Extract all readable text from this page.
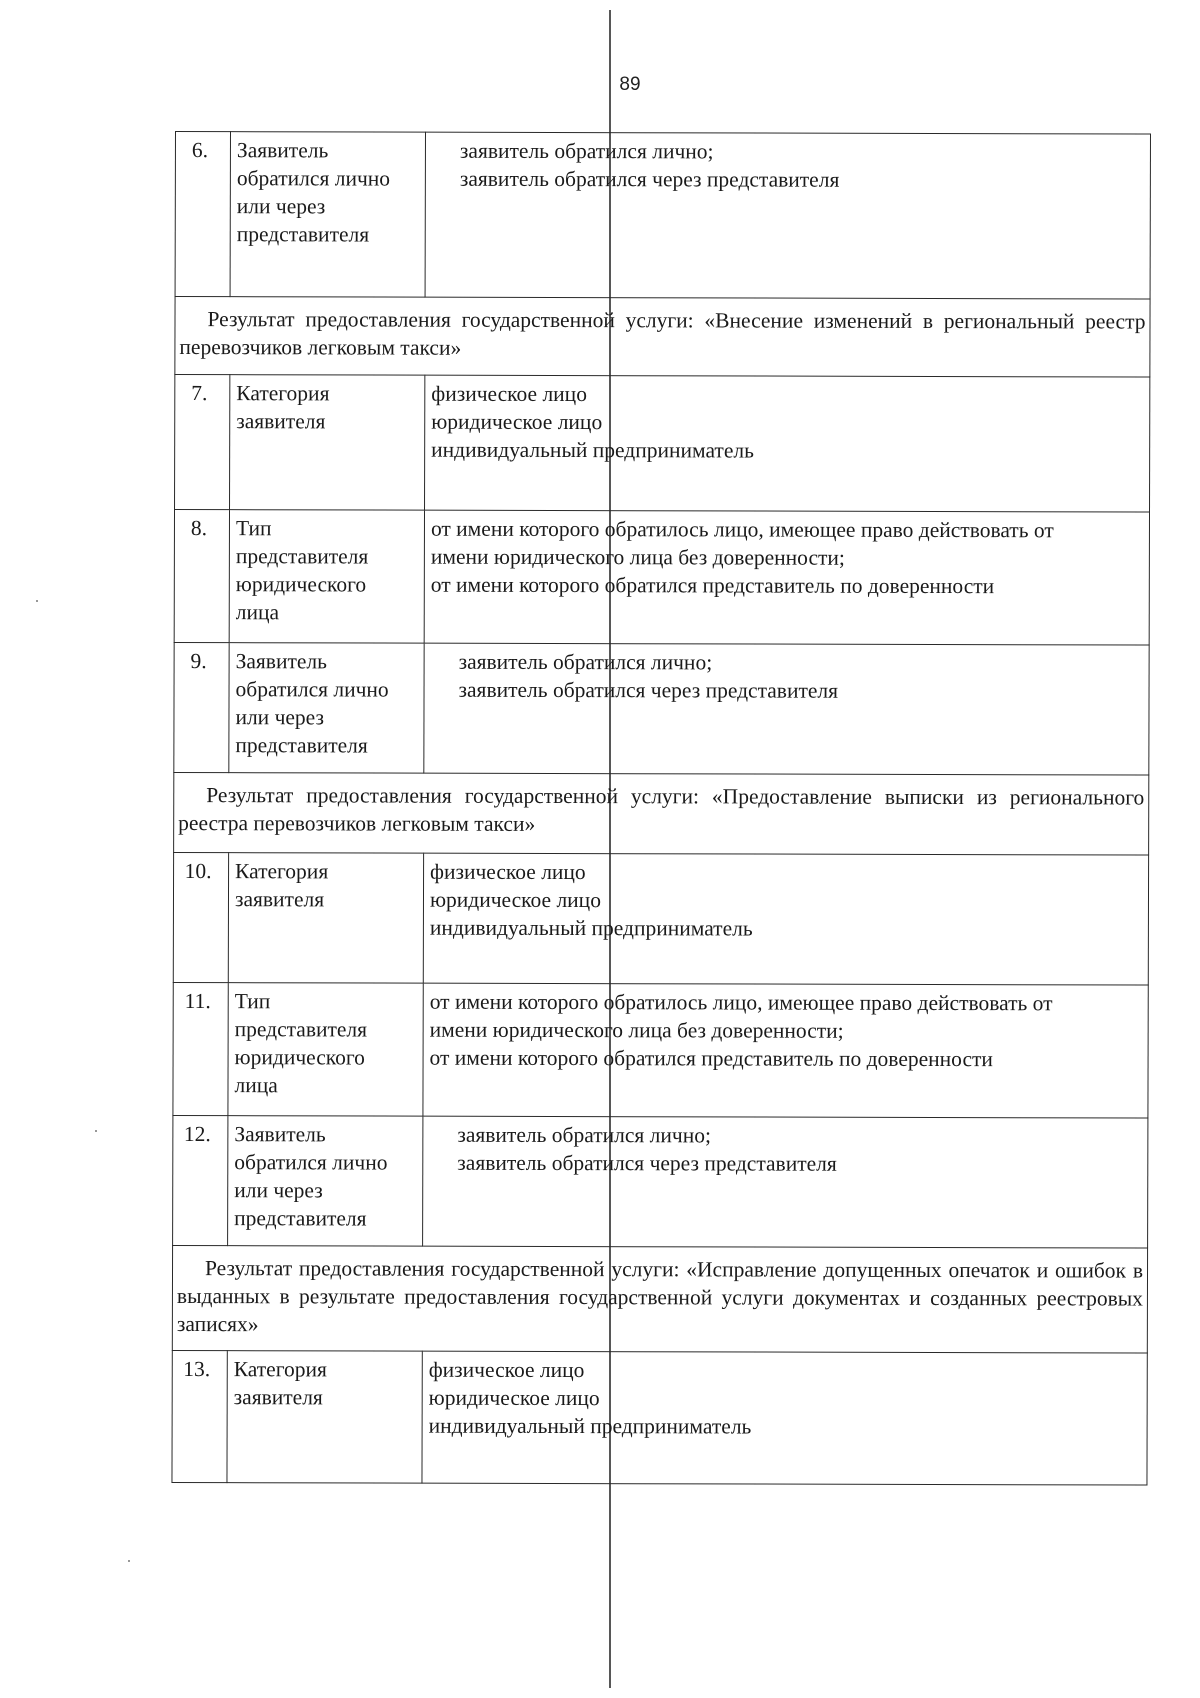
89
6.	Заявитель
обратился лично
или через
представителя	заявитель обратился лично;
заявитель обратился через представителя

Результат предоставления государственной услуги: «Внесение изменений в региональный реестр перевозчиков легковым такси»		
7.	Категория
заявителя	физическое лицо
юридическое лицо
индивидуальный предприниматель

8.	Тип
представителя
юридического
лица	от имени которого обратилось лицо, имеющее право действовать от
имени юридического лица без доверенности;
от имени которого обратился представитель по доверенности

9.	Заявитель
обратился лично
или через
представителя	заявитель обратился лично;
заявитель обратился через представителя

Результат предоставления государственной услуги: «Предоставление выписки из регионального реестра перевозчиков легковым такси»		
10.	Категория
заявителя	физическое лицо
юридическое лицо
индивидуальный предприниматель

11.	Тип
представителя
юридического
лица	от имени которого обратилось лицо, имеющее право действовать от
имени юридического лица без доверенности;
от имени которого обратился представитель по доверенности

12.	Заявитель
обратился лично
или через
представителя	заявитель обратился лично;
заявитель обратился через представителя

Результат предоставления государственной услуги: «Исправление допущенных опечаток и ошибок в выданных в результате предоставления государственной услуги документах и созданных реестровых записях»		
13.	Категория
заявителя	физическое лицо
юридическое лицо
индивидуальный предприниматель
